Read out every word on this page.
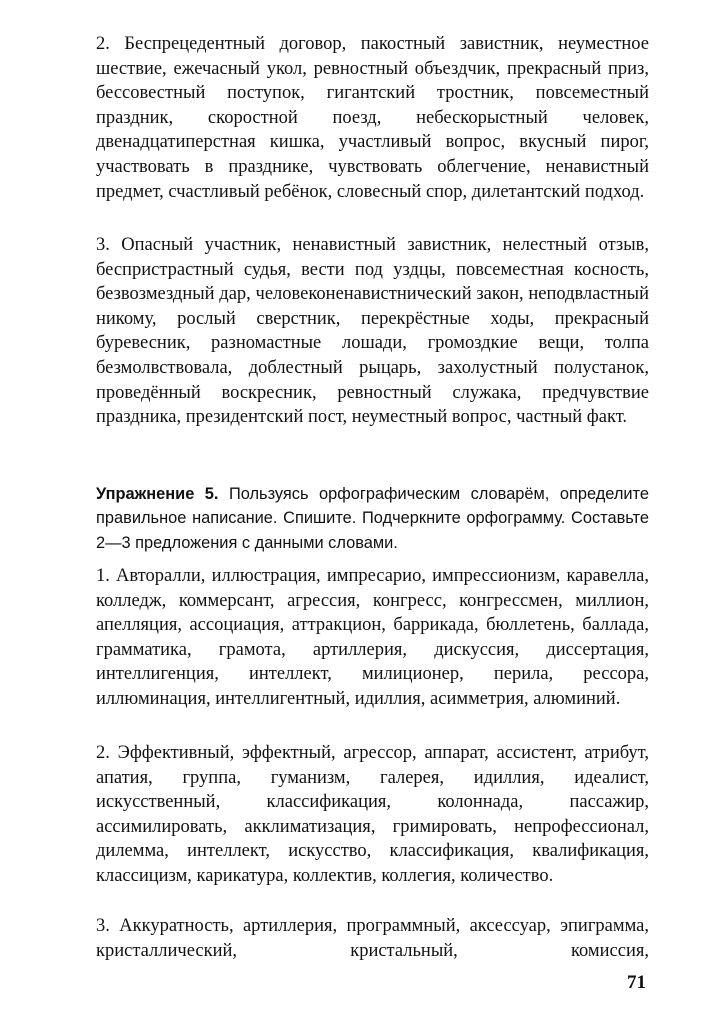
2. Беспрецедентный договор, пакостный завистник, неуместное шествие, ежечасный укол, ревностный объездчик, прекрасный приз, бессовестный поступок, гигантский тростник, повсеместный праздник, скоростной поезд, небескорыстный человек, двенадцатиперстная кишка, участливый вопрос, вкусный пирог, участвовать в празднике, чувствовать облегчение, ненавистный предмет, счастливый ребёнок, словесный спор, дилетантский подход.

3. Опасный участник, ненавистный завистник, нелестный отзыв, беспристрастный судья, вести под уздцы, повсеместная косность, безвозмездный дар, человеконенавистнический закон, неподвластный никому, рослый сверстник, перекрёстные ходы, прекрасный буревесник, разномастные лошади, громоздкие вещи, толпа безмолвствовала, доблестный рыцарь, захолустный полустанок, проведённый воскресник, ревностный служака, предчувствие праздника, президентский пост, неуместный вопрос, частный факт.

Упражнение 5. Пользуясь орфографическим словарём, определите правильное написание. Спишите. Подчеркните орфограмму. Составьте 2—3 предложения с данными словами.

1. Авторалли, иллюстрация, импресарио, импрессионизм, каравелла, колледж, коммерсант, агрессия, конгресс, конгрессмен, миллион, апелляция, ассоциация, аттракцион, баррикада, бюллетень, баллада, грамматика, грамота, артиллерия, дискуссия, диссертация, интеллигенция, интеллект, милиционер, перила, рессора, иллюминация, интеллигентный, идиллия, асимметрия, алюминий.

2. Эффективный, эффектный, агрессор, аппарат, ассистент, атрибут, апатия, группа, гуманизм, галерея, идиллия, идеалист, искусственный, классификация, колоннада, пассажир, ассимилировать, акклиматизация, гримировать, непрофессионал, дилемма, интеллект, искусство, классификация, квалификация, классицизм, карикатура, коллектив, коллегия, количество.

3. Аккуратность, артиллерия, программный, аксессуар, эпиграмма, кристаллический, кристальный, комиссия,

71
